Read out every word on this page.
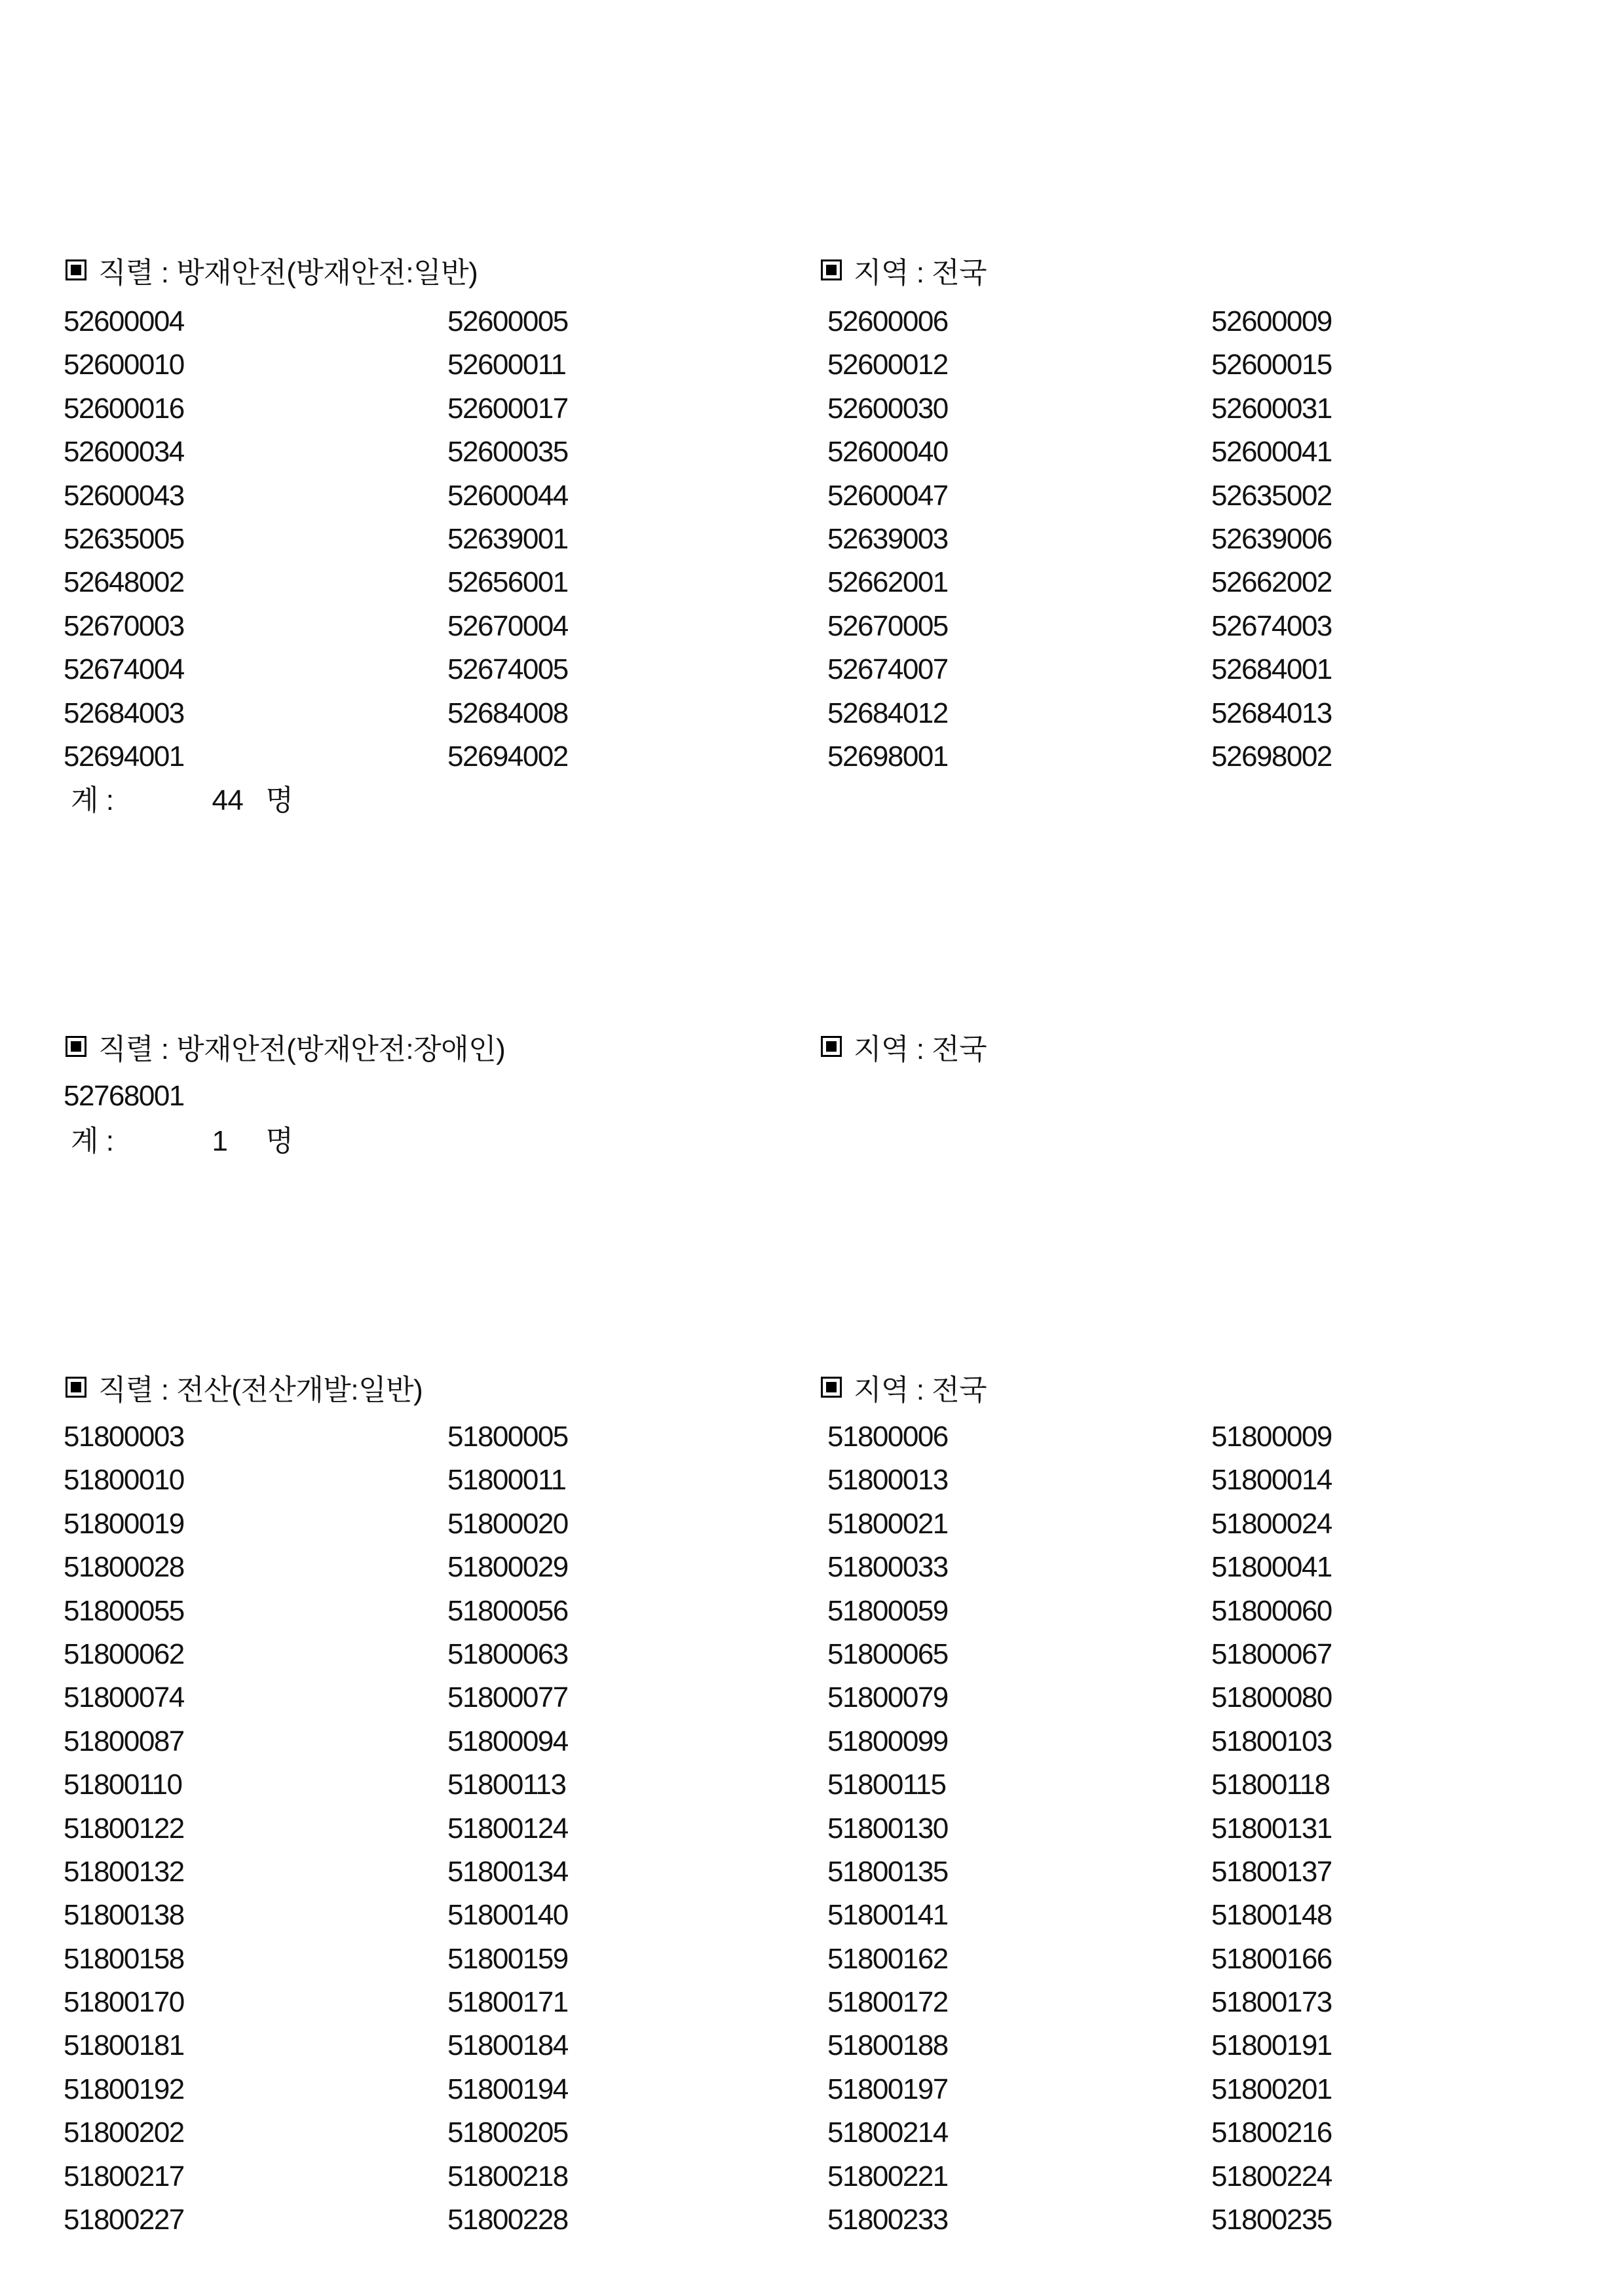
직렬 : 방재안전(방재안전:일반)	지역 : 전국
52600004	52600005	52600006	52600009
52600010	52600011	52600012	52600015
52600016	52600017	52600030	52600031
52600034	52600035	52600040	52600041
52600043	52600044	52600047	52635002
52635005	52639001	52639003	52639006
52648002	52656001	52662001	52662002
52670003	52670004	52670005	52674003
52674004	52674005	52674007	52684001
52684003	52684008	52684012	52684013
52694001	52694002	52698001	52698002
계 :	44 명
직렬 : 방재안전(방재안전:장애인)	지역 : 전국
52768001
계 :	1	명
직렬 : 전산(전산개발:일반)	지역 : 전국
51800003	51800005	51800006	51800009
51800010	51800011	51800013	51800014
51800019	51800020	51800021	51800024
51800028	51800029	51800033	51800041
51800055	51800056	51800059	51800060
51800062	51800063	51800065	51800067
51800074	51800077	51800079	51800080
51800087	51800094	51800099	51800103
51800110	51800113	51800115	51800118
51800122	51800124	51800130	51800131
51800132	51800134	51800135	51800137
51800138	51800140	51800141	51800148
51800158	51800159	51800162	51800166
51800170	51800171	51800172	51800173
51800181	51800184	51800188	51800191
51800192	51800194	51800197	51800201
51800202	51800205	51800214	51800216
51800217	51800218	51800221	51800224
51800227	51800228	51800233	51800235
